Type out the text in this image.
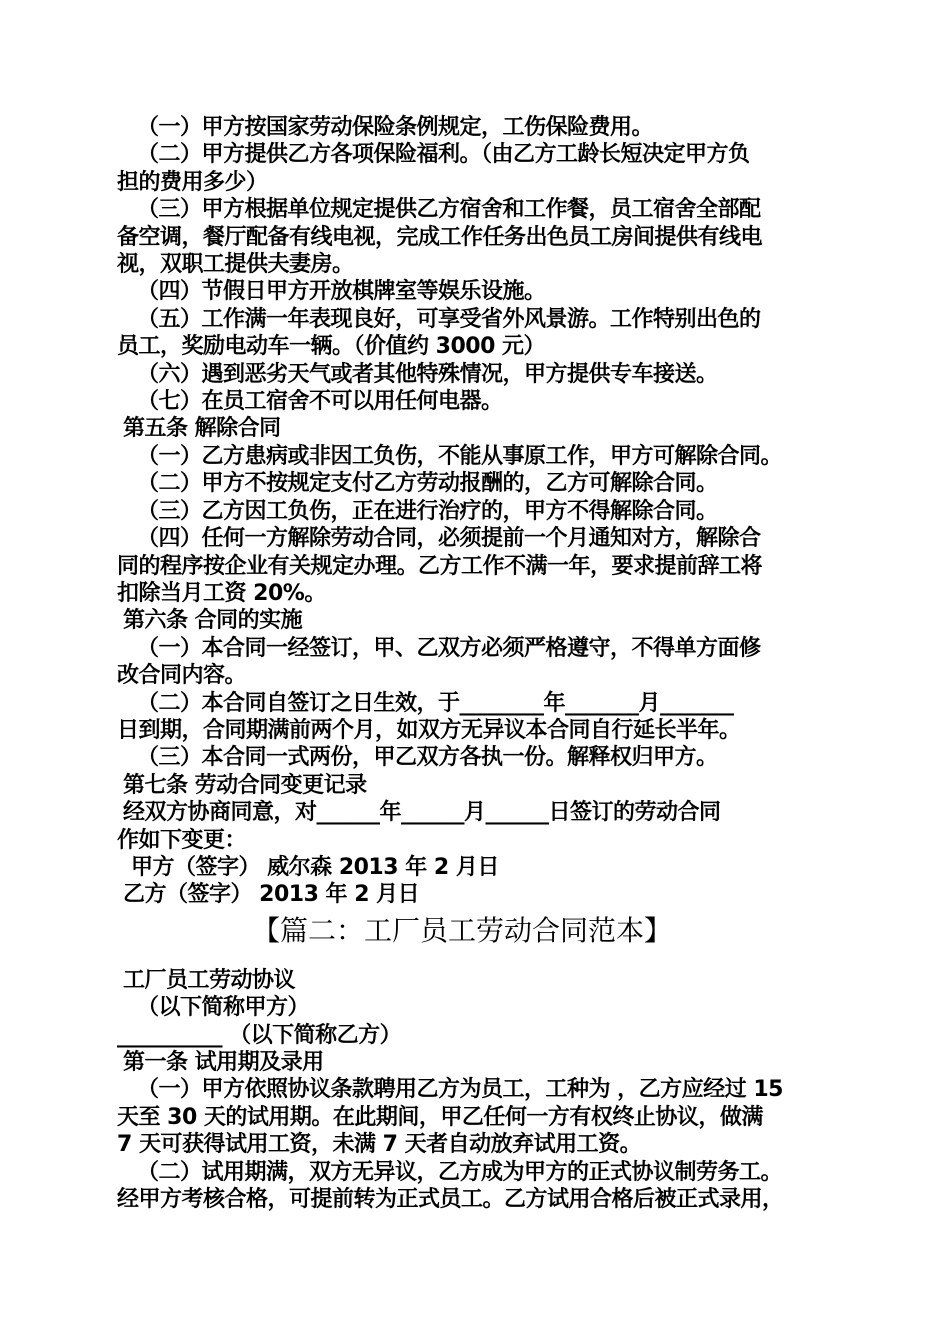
（一）甲方按国家劳动保险条例规定，工伤保险费用。
（二）甲方提供乙方各项保险福利。（由乙方工龄长短决定甲方负
担的费用多少）
（三）甲方根据单位规定提供乙方宿舍和工作餐，员工宿舍全部配
备空调，餐厅配备有线电视，完成工作任务出色员工房间提供有线电
视，双职工提供夫妻房。
（四）节假日甲方开放棋牌室等娱乐设施。
（五）工作满一年表现良好，可享受省外风景游。工作特别出色的
员工，奖励电动车一辆。（价值约 3000 元）
（六）遇到恶劣天气或者其他特殊情况，甲方提供专车接送。
（七）在员工宿舍不可以用任何电器。
第五条 解除合同
（一）乙方患病或非因工负伤，不能从事原工作，甲方可解除合同。
（二）甲方不按规定支付乙方劳动报酬的，乙方可解除合同。
（三）乙方因工负伤，正在进行治疗的，甲方不得解除合同。
（四）任何一方解除劳动合同，必须提前一个月通知对方，解除合
同的程序按企业有关规定办理。乙方工作不满一年，要求提前辞工将
扣除当月工资 20%。
第六条 合同的实施
（一）本合同一经签订，甲、乙双方必须严格遵守，不得单方面修
改合同内容。
（二）本合同自签订之日生效，于________年_______月_______
日到期，合同期满前两个月，如双方无异议本合同自行延长半年。
（三）本合同一式两份，甲乙双方各执一份。解释权归甲方。
第七条 劳动合同变更记录
经双方协商同意，对______年______月______日签订的劳动合同
作如下变更：
甲方（签字） 威尔森 2013 年 2 月日
乙方（签字） 2013 年 2 月日
【篇二：工厂员工劳动合同范本】
工厂员工劳动协议
（以下简称甲方）
__________ （以下简称乙方）
第一条 试用期及录用
（一）甲方依照协议条款聘用乙方为员工，工种为 ，乙方应经过 15
天至 30 天的试用期。在此期间，甲乙任何一方有权终止协议，做满
7 天可获得试用工资，未满 7 天者自动放弃试用工资。
（二）试用期满，双方无异议，乙方成为甲方的正式协议制劳务工。
经甲方考核合格，可提前转为正式员工。乙方试用合格后被正式录用，
